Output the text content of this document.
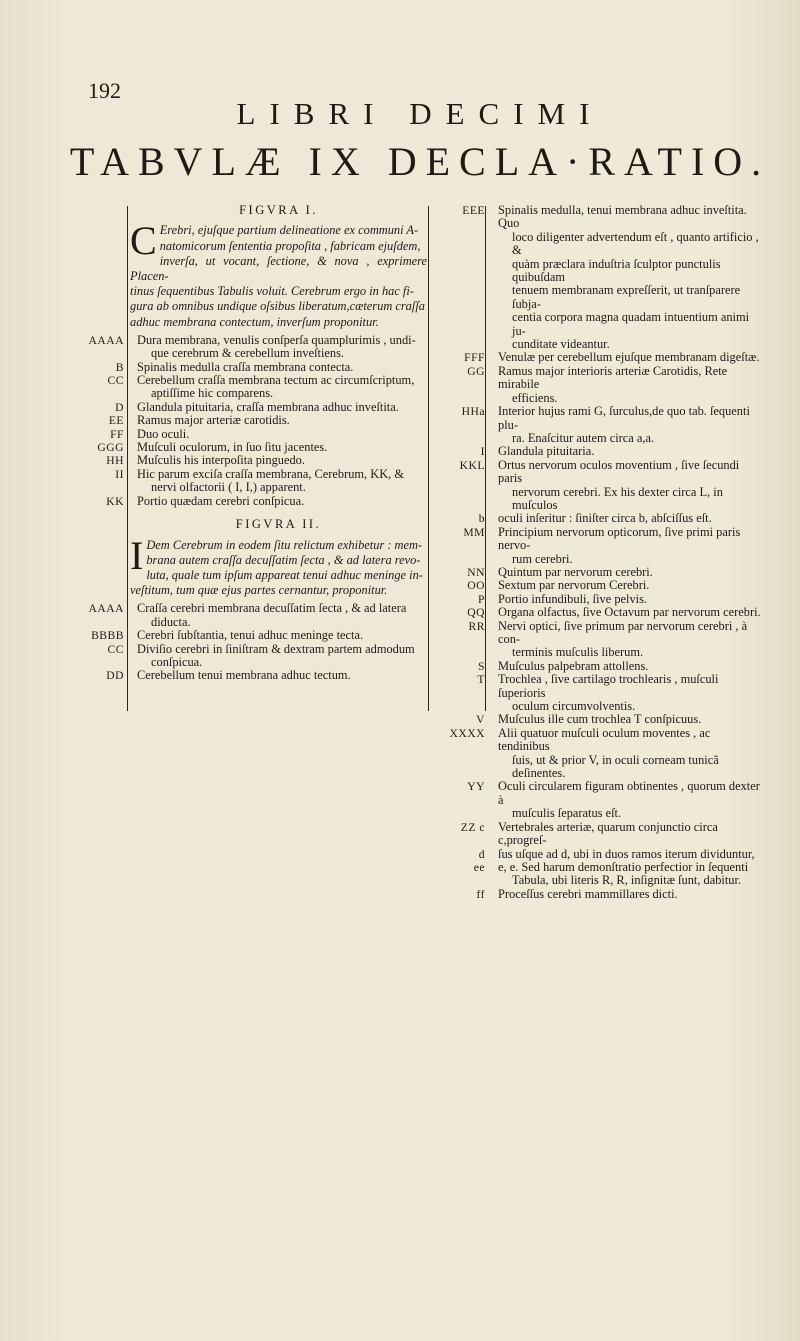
192
LIBRI DECIMI
TABVLÆ IX DECLA·RATIO.
FIGVRA I.
C Erebri, ejuſque partium delineatione ex communi A-
natomicorum ſententia propoſita , fabricam ejuſdem,
inverſa, ut vocant, ſectione, & nova , exprimere Placen-
tinus ſequentibus Tabulis voluit. Cerebrum ergo in hac fi-
gura ab omnibus undique oſsibus liberatum,cæterum craſſa
adhuc membrana contectum, inverſum proponitur.
AAAA	Dura membrana, venulis conſperſa quamplurimis , undi-
que cerebrum & cerebellum inveſtiens.
B	Spinalis medulla craſſa membrana contecta.
CC	Cerebellum craſſa membrana tectum ac circumſcriptum,
aptiſſime hic comparens.
D	Glandula pituitaria, craſſa membrana adhuc inveſtita.
EE	Ramus major arteriæ carotidis.
FF	Duo oculi.
GGG	Muſculi oculorum, in ſuo ſitu jacentes.
HH	Muſculis his interpoſita pinguedo.
II	Hic parum exciſa craſſa membrana, Cerebrum, KK, &
nervi olfactorii ( I, I,) apparent.
KK	Portio quædam cerebri conſpicua.
FIGVRA II.
I Dem Cerebrum in eodem ſitu relictum exhibetur : mem-
brana autem craſſa decuſſatim ſecta , & ad latera revo-
luta, quale tum ipſum appareat tenui adhuc meninge in-
veſtitum, tum quæ ejus partes cernantur, proponitur.
AAAA	Craſſa cerebri membrana decuſſatim ſecta , & ad latera
diducta.
BBBB	Cerebri ſubſtantia, tenui adhuc meninge tecta.
CC	Diviſio cerebri in ſiniſtram & dextram partem admodum
conſpicua.
DD	Cerebellum tenui membrana adhuc tectum.
EEE	Spinalis medulla, tenui membrana adhuc inveſtita. Quo
loco diligenter advertendum eſt , quanto artificio , &
quàm præclara induſtria ſculptor punctulis quibuſdam
tenuem membranam expreſſerit, ut tranſparere ſubja-
centia corpora magna quadam intuentium animi ju-
cunditate videantur.
FFF	Venulæ per cerebellum ejuſque membranam digeſtæ.
GG	Ramus major interioris arteriæ Carotidis, Rete mirabile
efficiens.
HHa	Interior hujus rami G, ſurculus,de quo tab. ſequenti plu-
ra. Enaſcitur autem circa a,a.
I	Glandula pituitaria.
KKL	Ortus nervorum oculos moventium , ſive ſecundi paris
nervorum cerebri. Ex his dexter circa L, in muſculos
b	oculi inſeritur : ſiniſter circa b, abſciſſus eſt.
MM	Principium nervorum opticorum, ſive primi paris nervo-
rum cerebri.
NN	Quintum par nervorum cerebri.
OO	Sextum par nervorum Cerebri.
P	Portio infundibuli, ſive pelvis.
QQ	Organa olfactus, ſive Octavum par nervorum cerebri.
RR	Nervi optici, ſive primum par nervorum cerebri , à con-
terminis muſculis liberum.
S	Muſculus palpebram attollens.
T	Trochlea , ſive cartilago trochlearis , muſculi ſuperioris
oculum circumvolventis.
V	Muſculus ille cum trochlea T conſpicuus.
XXXX	Alii quatuor muſculi oculum moventes , ac tendinibus
ſuis, ut & prior V, in oculi corneam tunicã deſinentes.
YY	Oculi circularem figuram obtinentes , quorum dexter à
muſculis ſeparatus eſt.
ZZ c	Vertebrales arteriæ, quarum conjunctio circa c,progreſ-
d	ſus uſque ad d, ubi in duos ramos iterum dividuntur,
ee	e, e. Sed harum demonſtratio perfectior in ſequenti
Tabula, ubi literis R, R, inſignitæ ſunt, dabitur.
ff	Proceſſus cerebri mammillares dicti.
